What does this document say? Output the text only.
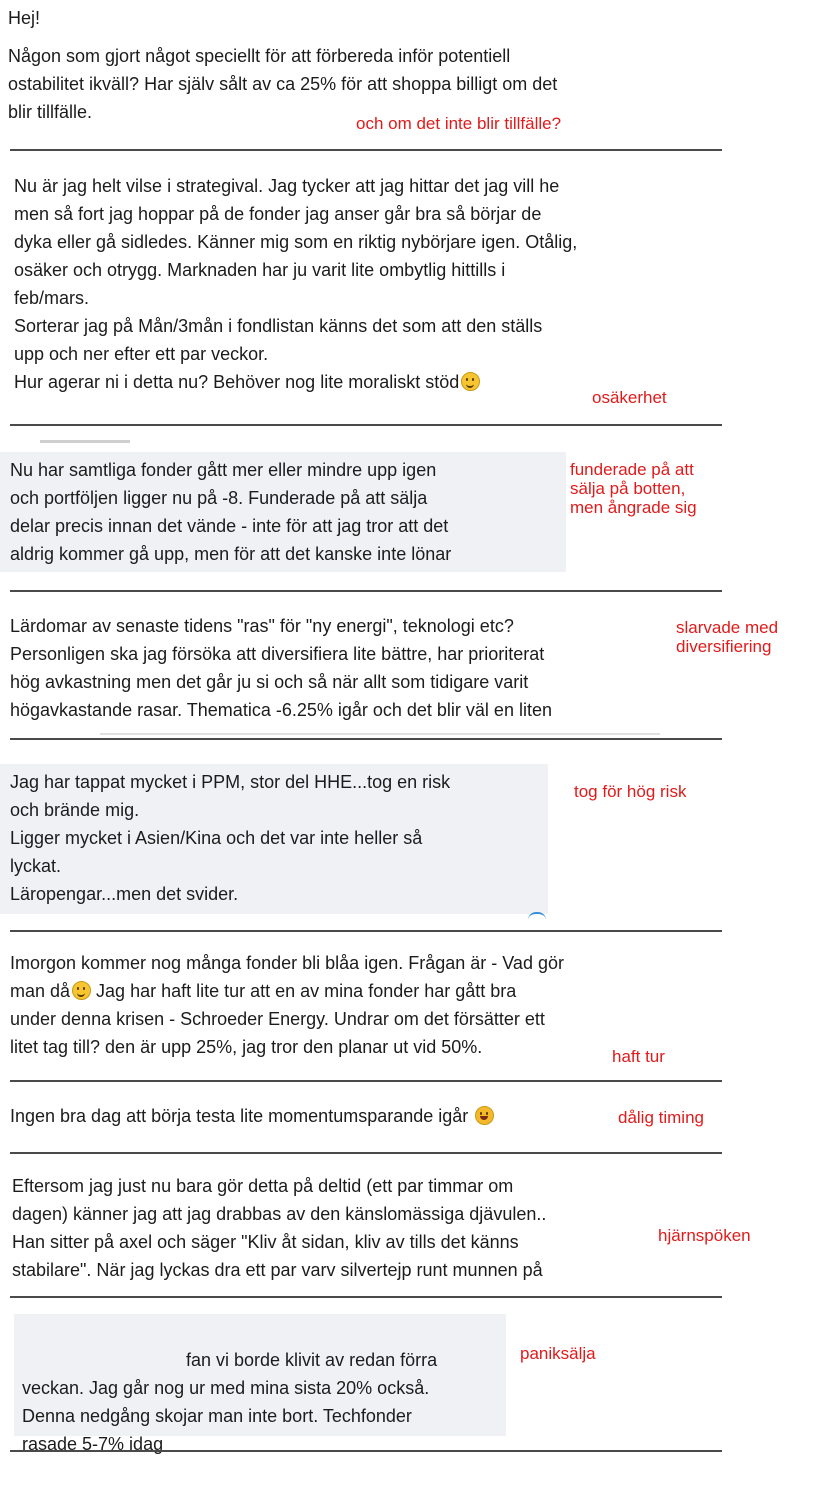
Hej!
Någon som gjort något speciellt för att förbereda inför potentiell
ostabilitet ikväll? Har själv sålt av ca 25% för att shoppa billigt om det
blir tillfälle.
och om det inte blir tillfälle?
Nu är jag helt vilse i strategival. Jag tycker att jag hittar det jag vill he
men så fort jag hoppar på de fonder jag anser går bra så börjar de
dyka eller gå sidledes. Känner mig som en riktig nybörjare igen. Otålig,
osäker och otrygg. Marknaden har ju varit lite ombytlig hittills i
feb/mars.
Sorterar jag på Mån/3mån i fondlistan känns det som att den ställs
upp och ner efter ett par veckor.
Hur agerar ni i detta nu? Behöver nog lite moraliskt stöd
osäkerhet
Nu har samtliga fonder gått mer eller mindre upp igen
och portföljen ligger nu på -8. Funderade på att sälja
delar precis innan det vände - inte för att jag tror att det
aldrig kommer gå upp, men för att det kanske inte lönar
funderade på att
sälja på botten,
men ångrade sig
Lärdomar av senaste tidens "ras" för "ny energi", teknologi etc?
Personligen ska jag försöka att diversifiera lite bättre, har prioriterat
hög avkastning men det går ju si och så när allt som tidigare varit
högavkastande rasar. Thematica -6.25% igår och det blir väl en liten
slarvade med
diversifiering
Jag har tappat mycket i PPM, stor del HHE...tog en risk
och brände mig.
Ligger mycket i Asien/Kina och det var inte heller så
lyckat.
Läropengar...men det svider.
tog för hög risk
Imorgon kommer nog många fonder bli blåa igen. Frågan är - Vad gör
man då Jag har haft lite tur att en av mina fonder har gått bra
under denna krisen - Schroeder Energy. Undrar om det försätter ett
litet tag till? den är upp 25%, jag tror den planar ut vid 50%.	haft tur
Ingen bra dag att börja testa lite momentumsparande igår	dålig timing
Eftersom jag just nu bara gör detta på deltid (ett par timmar om
dagen) känner jag att jag drabbas av den känslomässiga djävulen..
Han sitter på axel och säger "Kliv åt sidan, kliv av tills det känns
stabilare". När jag lyckas dra ett par varv silvertejp runt munnen på
hjärnspöken

fan vi borde klivit av redan förra
veckan. Jag går nog ur med mina sista 20% också.
Denna nedgång skojar man inte bort. Techfonder
rasade 5-7% idag

paniksälja
